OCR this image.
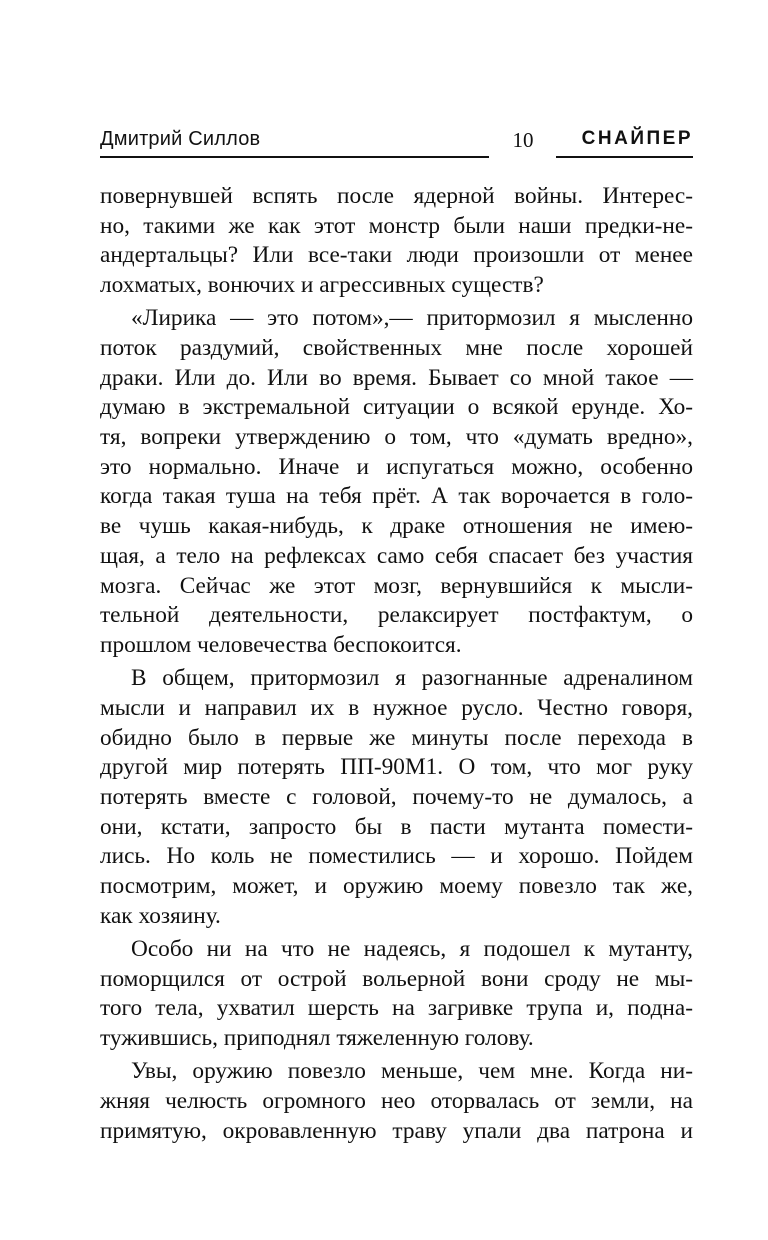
Дмитрий Силлов	10	СНАЙПЕР
повернувшей вспять после ядерной войны. Интерес-
но, такими же как этот монстр были наши предки-не-
андертальцы? Или все-таки люди произошли от менее
лохматых, вонючих и агрессивных существ?
«Лирика — это потом»,— притормозил я мысленно
поток раздумий, свойственных мне после хорошей
драки. Или до. Или во время. Бывает со мной такое —
думаю в экстремальной ситуации о всякой ерунде. Хо-
тя, вопреки утверждению о том, что «думать вредно»,
это нормально. Иначе и испугаться можно, особенно
когда такая туша на тебя прёт. А так ворочается в голо-
ве чушь какая-нибудь, к драке отношения не имею-
щая, а тело на рефлексах само себя спасает без участия
мозга. Сейчас же этот мозг, вернувшийся к мысли-
тельной деятельности, релаксирует постфактум, о
прошлом человечества беспокоится.
В общем, притормозил я разогнанные адреналином
мысли и направил их в нужное русло. Честно говоря,
обидно было в первые же минуты после перехода в
другой мир потерять ПП-90М1. О том, что мог руку
потерять вместе с головой, почему-то не думалось, а
они, кстати, запросто бы в пасти мутанта помести-
лись. Но коль не поместились — и хорошо. Пойдем
посмотрим, может, и оружию моему повезло так же,
как хозяину.
Особо ни на что не надеясь, я подошел к мутанту,
поморщился от острой вольерной вони сроду не мы-
того тела, ухватил шерсть на загривке трупа и, подна-
тужившись, приподнял тяжеленную голову.
Увы, оружию повезло меньше, чем мне. Когда ни-
жняя челюсть огромного нео оторвалась от земли, на
примятую, окровавленную траву упали два патрона и
